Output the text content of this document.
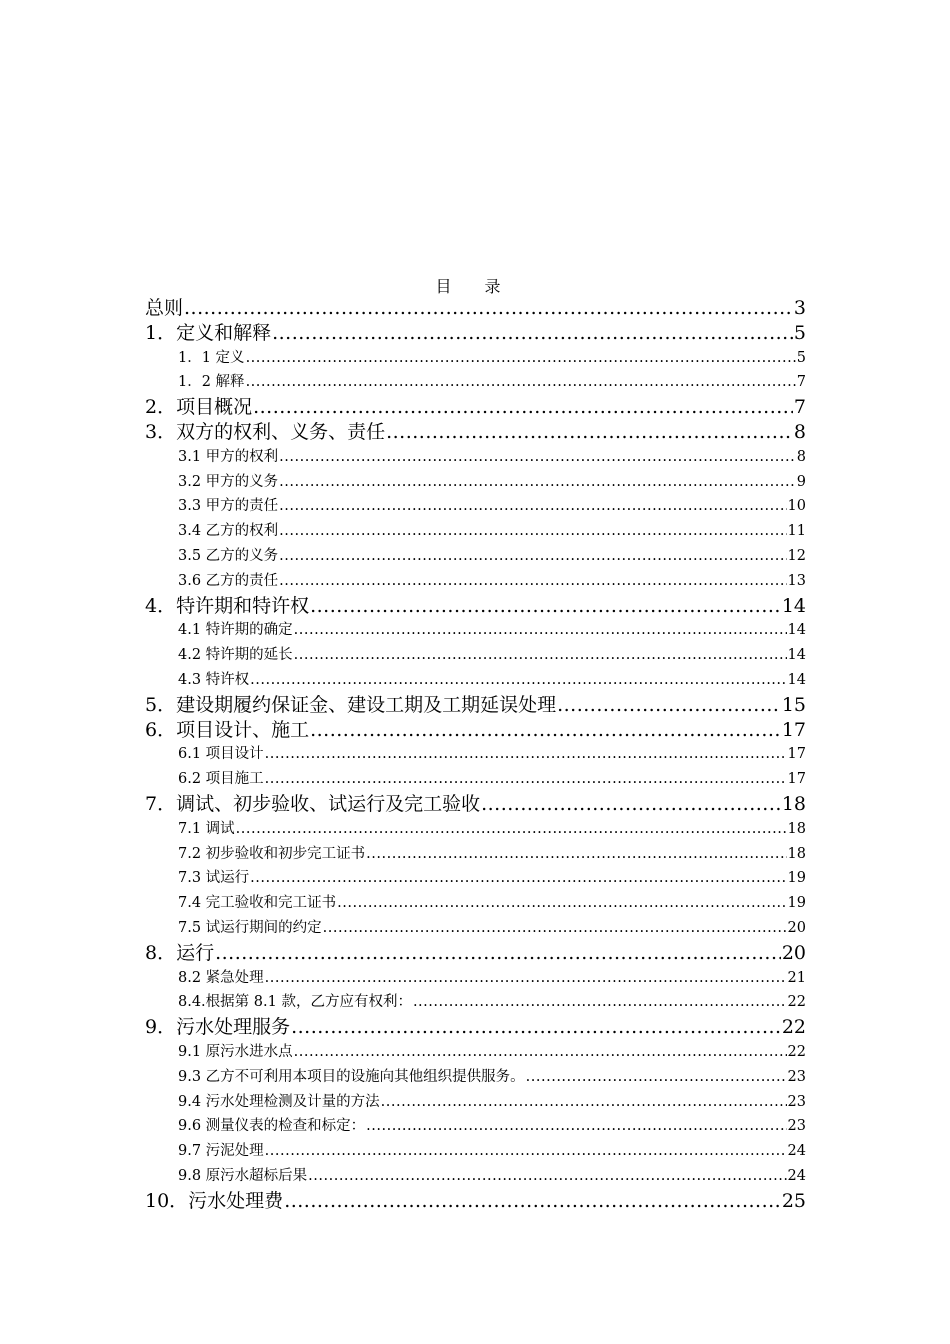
目 录
总则 .....	3
1．定义和解释 .....	5
1．1 定义 .....	5
1．2 解释 .....	7
2．项目概况 .....	7
3．双方的权利、义务、责任 .....	8
3.1 甲方的权利 .....	8
3.2 甲方的义务 .....	9
3.3 甲方的责任 .....	10
3.4 乙方的权利 .....	11
3.5 乙方的义务 .....	12
3.6 乙方的责任 .....	13
4．特许期和特许权 .....	14
4.1 特许期的确定 .....	14
4.2 特许期的延长 .....	14
4.3 特许权 .....	14
5．建设期履约保证金、建设工期及工期延误处理 .....	15
6．项目设计、施工 .....	17
6.1 项目设计 .....	17
6.2 项目施工 .....	17
7．调试、初步验收、试运行及完工验收 .....	18
7.1 调试 .....	18
7.2 初步验收和初步完工证书 .....	18
7.3 试运行 .....	19
7.4 完工验收和完工证书 .....	19
7.5 试运行期间的约定 .....	20
8．运行 .....	20
8.2 紧急处理 .....	21
8.4.根据第 8.1 款，乙方应有权利： .....	22
9．污水处理服务 .....	22
9.1 原污水进水点 .....	22
9.3 乙方不可利用本项目的设施向其他组织提供服务。 .....	23
9.4 污水处理检测及计量的方法 .....	23
9.6 测量仪表的检查和标定： .....	23
9.7 污泥处理 .....	24
9.8 原污水超标后果 .....	24
10．污水处理费 .....	25
